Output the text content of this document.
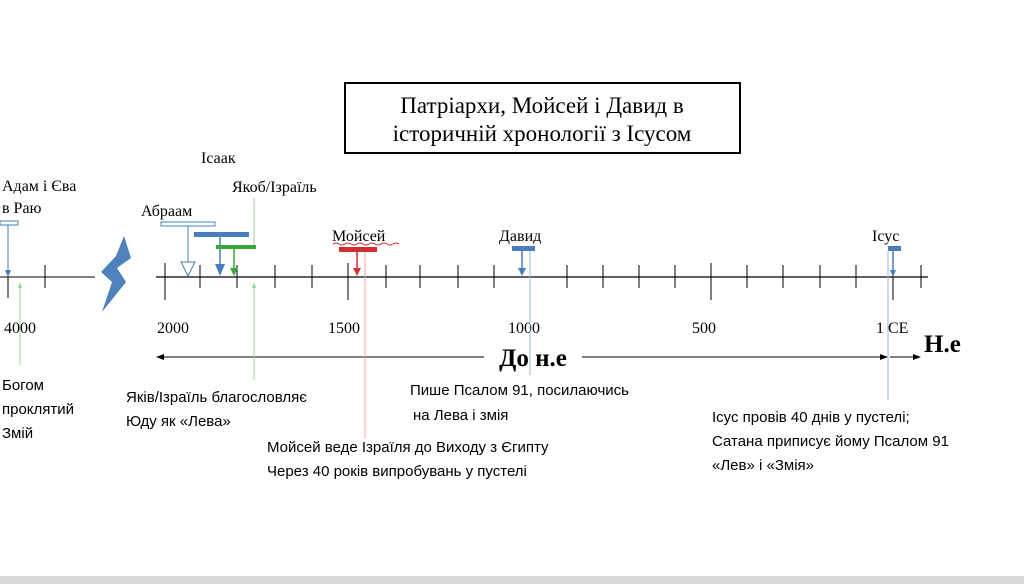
Патріархи, Мойсей і Давид в
історичній хронології з Ісусом
4000	2000	1500	1000	500	1 CE
До н.е
Н.е
Адам і Єва
в Раю	Абраам
Ісаак
Якоб/Ізраїль
Мойсей	Давид	Ісус
Богом
проклятий
Змій
Яків/Ізраїль благословляє
Юду як «Лева»
Мойсей веде Ізраїля до Виходу з Єгипту
Через 40 років випробувань у пустелі
Пише Псалом 91, посилаючись
на Лева і змія	Ісус провів 40 днів у пустелі;
Сатана приписує йому Псалом 91
«Лев» і «Змія»
